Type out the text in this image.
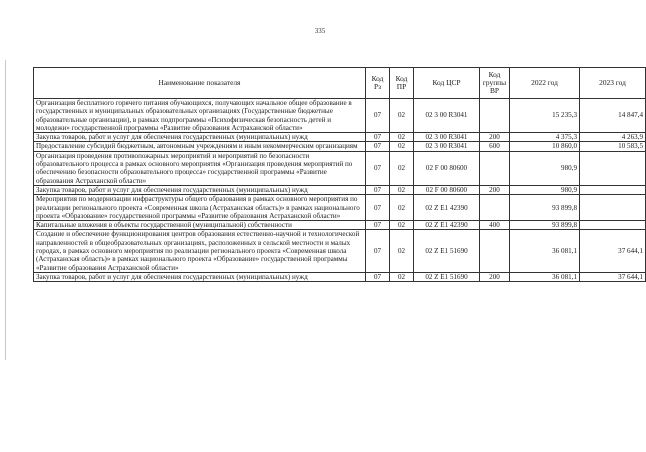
335
Наименование показателя	Код Рз	Код ПР	Код ЦСР	Код группы ВР	2022 год	2023 год
Организация бесплатного горячего питания обучающихся, получающих начальное общее образование в государственных и муниципальных образовательных организациях (Государственные бюджетные образовательные организации), в рамках подпрограммы «Психофизическая безопасность детей и молодежи» государственной программы «Развитие образования Астраханской области»	07	02	02 3 00 R3041		15 235,3	14 847,4
Закупка товаров, работ и услуг для обеспечения государственных (муниципальных) нужд	07	02	02 3 00 R3041	200	4 375,3	4 263,9
Предоставление субсидий бюджетным, автономным учреждениям и иным некоммерческим организациям	07	02	02 3 00 R3041	600	10 860,0	10 583,5
Организация проведения противопожарных мероприятий и мероприятий по безопасности образовательного процесса в рамках основного мероприятия «Организация проведения мероприятий по обеспечению безопасности образовательного процесса» государственной программы «Развитие образования Астраханской области»	07	02	02 F 00 80600		980,9	
Закупка товаров, работ и услуг для обеспечения государственных (муниципальных) нужд	07	02	02 F 00 80600	200	980,9	
Мероприятия по модернизации инфраструктуры общего образования в рамках основного мероприятия по реализации регионального проекта «Современная школа (Астраханская область)» в рамках национального проекта «Образование» государственной программы «Развитие образования Астраханской области»	07	02	02 Z E1 42390		93 899,8	
Капитальные вложения в объекты государственной (муниципальной) собственности	07	02	02 Z E1 42390	400	93 899,8	
Создание и обеспечение функционирования центров образования естественно-научной и технологической направленностей в общеобразовательных организациях, расположенных в сельской местности и малых городах, в рамках основного мероприятия по реализации регионального проекта «Современная школа (Астраханская область)» в рамках национального проекта «Образование» государственной программы «Развитие образования Астраханской области»	07	02	02 Z E1 51690		36 081,1	37 644,1
Закупка товаров, работ и услуг для обеспечения государственных (муниципальных) нужд	07	02	02 Z E1 51690	200	36 081,1	37 644,1
